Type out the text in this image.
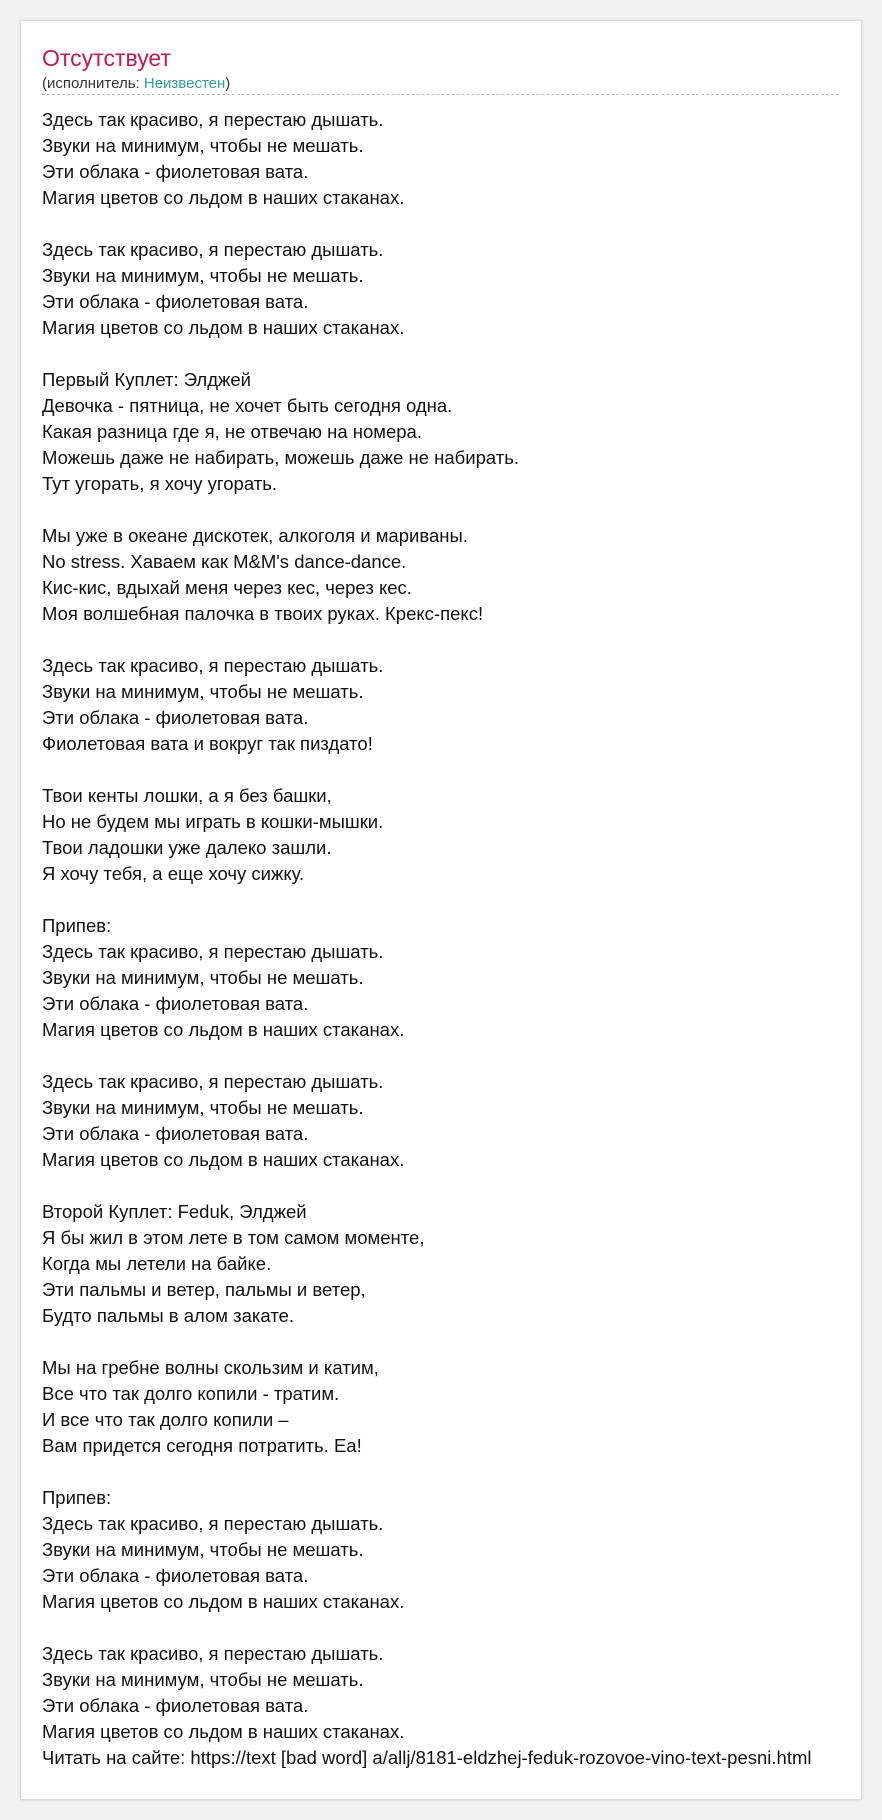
Отсутствует
(исполнитель: Неизвестен)
Здесь так красиво, я перестаю дышать.
Звуки на минимум, чтобы не мешать.
Эти облака - фиолетовая вата.
Магия цветов со льдом в наших стаканах.
Здесь так красиво, я перестаю дышать.
Звуки на минимум, чтобы не мешать.
Эти облака - фиолетовая вата.
Магия цветов со льдом в наших стаканах.
Первый Куплет: Элджей
Девочка - пятница, не хочет быть сегодня одна.
Какая разница где я, не отвечаю на номера.
Можешь даже не набирать, можешь даже не набирать.
Тут угорать, я хочу угорать.
Мы уже в океане дискотек, алкоголя и мариваны.
No stress. Хаваем как M&M's dance-dance.
Кис-кис, вдыхай меня через кес, через кес.
Моя волшебная палочка в твоих руках. Крекс-пекс!
Здесь так красиво, я перестаю дышать.
Звуки на минимум, чтобы не мешать.
Эти облака - фиолетовая вата.
Фиолетовая вата и вокруг так пиздато!
Твои кенты лошки, а я без башки,
Но не будем мы играть в кошки-мышки.
Твои ладошки уже далеко зашли.
Я хочу тебя, а еще хочу сижку.
Припев:
Здесь так красиво, я перестаю дышать.
Звуки на минимум, чтобы не мешать.
Эти облака - фиолетовая вата.
Магия цветов со льдом в наших стаканах.
Здесь так красиво, я перестаю дышать.
Звуки на минимум, чтобы не мешать.
Эти облака - фиолетовая вата.
Магия цветов со льдом в наших стаканах.
Второй Куплет: Feduk, Элджей
Я бы жил в этом лете в том самом моменте,
Когда мы летели на байке.
Эти пальмы и ветер, пальмы и ветер,
Будто пальмы в алом закате.
Мы на гребне волны скользим и катим,
Все что так долго копили - тратим.
И все что так долго копили –
Вам придется сегодня потратить. Еа!
Припев:
Здесь так красиво, я перестаю дышать.
Звуки на минимум, чтобы не мешать.
Эти облака - фиолетовая вата.
Магия цветов со льдом в наших стаканах.
Здесь так красиво, я перестаю дышать.
Звуки на минимум, чтобы не мешать.
Эти облака - фиолетовая вата.
Магия цветов со льдом в наших стаканах.
Читать на сайте: https://text [bad word] a/allj/8181-eldzhej-feduk-rozovoe-vino-text-pesni.html
